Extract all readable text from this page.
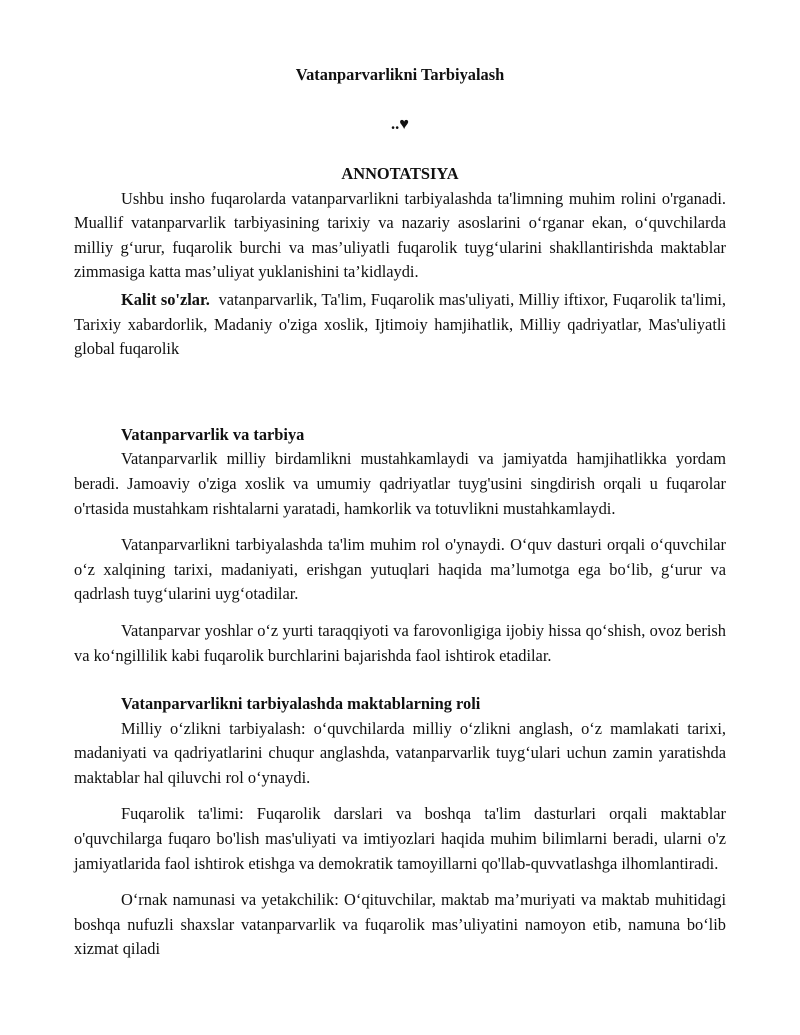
Vatanparvarlikni Tarbiyalash
..♥
ANNOTATSIYA

Ushbu insho fuqarolarda vatanparvarlikni tarbiyalashda ta'limning muhim rolini o'rganadi. Muallif vatanparvarlik tarbiyasining tarixiy va nazariy asoslarini oʻrganar ekan, oʻquvchilarda milliy gʻurur, fuqarolik burchi va mas’uliyatli fuqarolik tuygʻularini shakllantirishda maktablar zimmasiga katta mas’uliyat yuklanishini ta’kidlaydi.

Kalit so'zlar. vatanparvarlik, Ta'lim, Fuqarolik mas'uliyati, Milliy iftixor, Fuqarolik ta'limi, Tarixiy xabardorlik, Madaniy o'ziga xoslik, Ijtimoiy hamjihatlik, Milliy qadriyatlar, Mas'uliyatli global fuqarolik

Vatanparvarlik va tarbiya

Vatanparvarlik milliy birdamlikni mustahkamlaydi va jamiyatda hamjihatlikka yordam beradi. Jamoaviy o'ziga xoslik va umumiy qadriyatlar tuyg'usini singdirish orqali u fuqarolar o'rtasida mustahkam rishtalarni yaratadi, hamkorlik va totuvlikni mustahkamlaydi.

Vatanparvarlikni tarbiyalashda ta'lim muhim rol o'ynaydi. Oʻquv dasturi orqali oʻquvchilar oʻz xalqining tarixi, madaniyati, erishgan yutuqlari haqida ma’lumotga ega boʻlib, gʻurur va qadrlash tuygʻularini uygʻotadilar.

Vatanparvar yoshlar oʻz yurti taraqqiyoti va farovonligiga ijobiy hissa qoʻshish, ovoz berish va koʻngillilik kabi fuqarolik burchlarini bajarishda faol ishtirok etadilar.

Vatanparvarlikni tarbiyalashda maktablarning roli

Milliy oʻzlikni tarbiyalash: oʻquvchilarda milliy oʻzlikni anglash, oʻz mamlakati tarixi, madaniyati va qadriyatlarini chuqur anglashda, vatanparvarlik tuygʻulari uchun zamin yaratishda maktablar hal qiluvchi rol oʻynaydi.

Fuqarolik ta'limi: Fuqarolik darslari va boshqa ta'lim dasturlari orqali maktablar o'quvchilarga fuqaro bo'lish mas'uliyati va imtiyozlari haqida muhim bilimlarni beradi, ularni o'z jamiyatlarida faol ishtirok etishga va demokratik tamoyillarni qo'llab-quvvatlashga ilhomlantiradi.

Oʻrnak namunasi va yetakchilik: Oʻqituvchilar, maktab ma’muriyati va maktab muhitidagi boshqa nufuzli shaxslar vatanparvarlik va fuqarolik mas’uliyatini namoyon etib, namuna boʻlib xizmat qiladi
